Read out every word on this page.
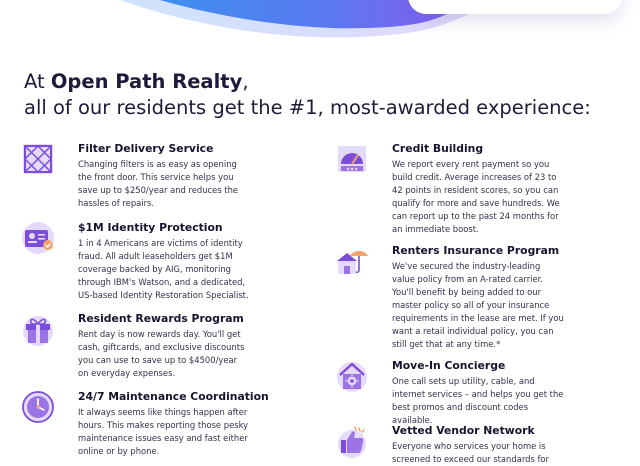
At Open Path Realty,
all of our residents get the #1, most-awarded experience:
Filter Delivery Service
Changing filters is as easy as opening the front door. This service helps you save up to $250/year and reduces the hassles of repairs.
$1M Identity Protection
1 in 4 Americans are victims of identity fraud. All adult leaseholders get $1M coverage backed by AIG, monitoring through IBM's Watson, and a dedicated, US-based Identity Restoration Specialist.
Resident Rewards Program
Rent day is now rewards day. You'll get cash, giftcards, and exclusive discounts you can use to save up to $4500/year on everyday expenses.
24/7 Maintenance Coordination
It always seems like things happen after hours. This makes reporting those pesky maintenance issues easy and fast either online or by phone.
★★★
Credit Building
We report every rent payment so you build credit. Average increases of 23 to 42 points in resident scores, so you can qualify for more and save hundreds. We can report up to the past 24 months for an immediate boost.
Renters Insurance Program
We've secured the industry-leading value policy from an A-rated carrier. You'll benefit by being added to our master policy so all of your insurance requirements in the lease are met. If you want a retail individual policy, you can still get that at any time.*
Move-In Concierge
One call sets up utility, cable, and internet services – and helps you get the best promos and discount codes available.
Vetted Vendor Network
Everyone who services your home is screened to exceed our standards for
